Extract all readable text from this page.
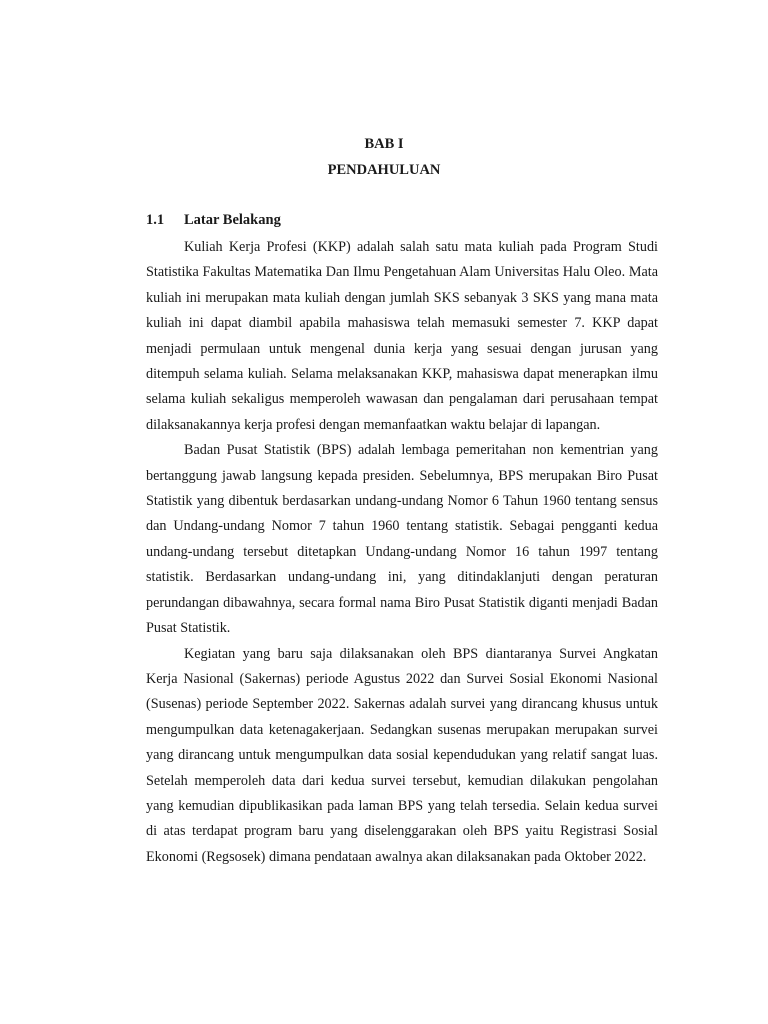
BAB I
PENDAHULUAN
1.1 Latar Belakang

Kuliah Kerja Profesi (KKP) adalah salah satu mata kuliah pada Program Studi Statistika Fakultas Matematika Dan Ilmu Pengetahuan Alam Universitas Halu Oleo. Mata kuliah ini merupakan mata kuliah dengan jumlah SKS sebanyak 3 SKS yang mana mata kuliah ini dapat diambil apabila mahasiswa telah memasuki semester 7. KKP dapat menjadi permulaan untuk mengenal dunia kerja yang sesuai dengan jurusan yang ditempuh selama kuliah. Selama melaksanakan KKP, mahasiswa dapat menerapkan ilmu selama kuliah sekaligus memperoleh wawasan dan pengalaman dari perusahaan tempat dilaksanakannya kerja profesi dengan memanfaatkan waktu belajar di lapangan.

Badan Pusat Statistik (BPS) adalah lembaga pemeritahan non kementrian yang bertanggung jawab langsung kepada presiden. Sebelumnya, BPS merupakan Biro Pusat Statistik yang dibentuk berdasarkan undang-undang Nomor 6 Tahun 1960 tentang sensus dan Undang-undang Nomor 7 tahun 1960 tentang statistik. Sebagai pengganti kedua undang-undang tersebut ditetapkan Undang-undang Nomor 16 tahun 1997 tentang statistik. Berdasarkan undang-undang ini, yang ditindaklanjuti dengan peraturan perundangan dibawahnya, secara formal nama Biro Pusat Statistik diganti menjadi Badan Pusat Statistik.

Kegiatan yang baru saja dilaksanakan oleh BPS diantaranya Survei Angkatan Kerja Nasional (Sakernas) periode Agustus 2022 dan Survei Sosial Ekonomi Nasional (Susenas) periode September 2022. Sakernas adalah survei yang dirancang khusus untuk mengumpulkan data ketenagakerjaan. Sedangkan susenas merupakan merupakan survei yang dirancang untuk mengumpulkan data sosial kependudukan yang relatif sangat luas. Setelah memperoleh data dari kedua survei tersebut, kemudian dilakukan pengolahan yang kemudian dipublikasikan pada laman BPS yang telah tersedia. Selain kedua survei di atas terdapat program baru yang diselenggarakan oleh BPS yaitu Registrasi Sosial Ekonomi (Regsosek) dimana pendataan awalnya akan dilaksanakan pada Oktober 2022.
